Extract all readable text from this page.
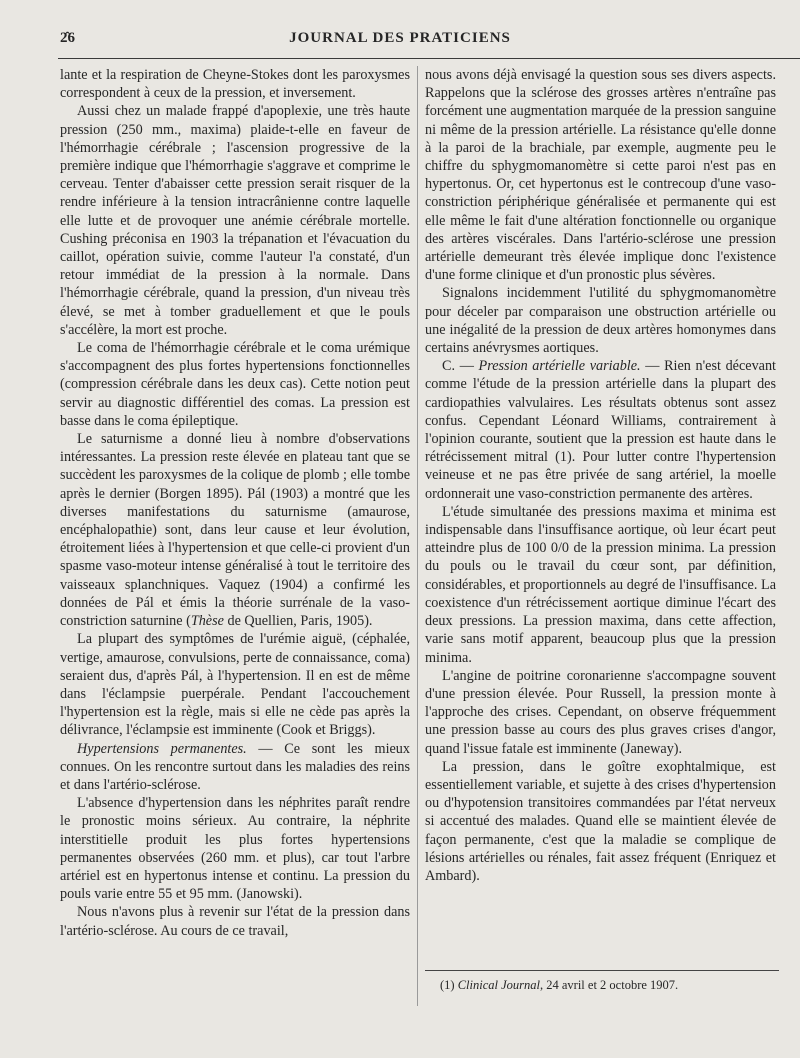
2̂6	JOURNAL DES PRATICIENS

lante et la respiration de Cheyne-Stokes dont les paroxysmes correspondent à ceux de la pression, et inversement.

Aussi chez un malade frappé d'apoplexie, une très haute pression (250 mm., maxima) plaide-t-elle en faveur de l'hémorrhagie cérébrale ; l'ascension progressive de la première indique que l'hémorrhagie s'aggrave et comprime le cerveau. Tenter d'abaisser cette pression serait risquer de la rendre inférieure à la tension intracrânienne contre laquelle elle lutte et de provoquer une anémie cérébrale mortelle. Cushing préconisa en 1903 la trépanation et l'évacuation du caillot, opération suivie, comme l'auteur l'a constaté, d'un retour immédiat de la pression à la normale. Dans l'hémorrhagie cérébrale, quand la pression, d'un niveau très élevé, se met à tomber graduellement et que le pouls s'accélère, la mort est proche.

Le coma de l'hémorrhagie cérébrale et le coma urémique s'accompagnent des plus fortes hypertensions fonctionnelles (compression cérébrale dans les deux cas). Cette notion peut servir au diagnostic différentiel des comas. La pression est basse dans le coma épileptique.

Le saturnisme a donné lieu à nombre d'observations intéressantes. La pression reste élevée en plateau tant que se succèdent les paroxysmes de la colique de plomb ; elle tombe après le dernier (Borgen 1895). Pál (1903) a montré que les diverses manifestations du saturnisme (amaurose, encéphalopathie) sont, dans leur cause et leur évolution, étroitement liées à l'hypertension et que celle-ci provient d'un spasme vaso-moteur intense généralisé à tout le territoire des vaisseaux splanchniques. Vaquez (1904) a confirmé les données de Pál et émis la théorie surrénale de la vaso-constriction saturnine (Thèse de Quellien, Paris, 1905).

La plupart des symptômes de l'urémie aiguë, (céphalée, vertige, amaurose, convulsions, perte de connaissance, coma) seraient dus, d'après Pál, à l'hypertension. Il en est de même dans l'éclampsie puerpérale. Pendant l'accouchement l'hypertension est la règle, mais si elle ne cède pas après la délivrance, l'éclampsie est imminente (Cook et Briggs).

Hypertensions permanentes. — Ce sont les mieux connues. On les rencontre surtout dans les maladies des reins et dans l'artério-sclérose.

L'absence d'hypertension dans les néphrites paraît rendre le pronostic moins sérieux. Au contraire, la néphrite interstitielle produit les plus fortes hypertensions permanentes observées (260 mm. et plus), car tout l'arbre artériel est en hypertonus intense et continu. La pression du pouls varie entre 55 et 95 mm. (Janowski).

Nous n'avons plus à revenir sur l'état de la pression dans l'artério-sclérose. Au cours de ce travail,

nous avons déjà envisagé la question sous ses divers aspects. Rappelons que la sclérose des grosses artères n'entraîne pas forcément une augmentation marquée de la pression sanguine ni même de la pression artérielle. La résistance qu'elle donne à la paroi de la brachiale, par exemple, augmente peu le chiffre du sphygmomanomètre si cette paroi n'est pas en hypertonus. Or, cet hypertonus est le contrecoup d'une vaso-constriction périphérique généralisée et permanente qui est elle même le fait d'une altération fonctionnelle ou organique des artères viscérales. Dans l'artério-sclérose une pression artérielle demeurant très élevée implique donc l'existence d'une forme clinique et d'un pronostic plus sévères.

Signalons incidemment l'utilité du sphygmomanomètre pour déceler par comparaison une obstruction artérielle ou une inégalité de la pression de deux artères homonymes dans certains anévrysmes aortiques.

C. — Pression artérielle variable. — Rien n'est décevant comme l'étude de la pression artérielle dans la plupart des cardiopathies valvulaires. Les résultats obtenus sont assez confus. Cependant Léonard Williams, contrairement à l'opinion courante, soutient que la pression est haute dans le rétrécissement mitral (1). Pour lutter contre l'hypertension veineuse et ne pas être privée de sang artériel, la moelle ordonnerait une vaso-constriction permanente des artères.

L'étude simultanée des pressions maxima et minima est indispensable dans l'insuffisance aortique, où leur écart peut atteindre plus de 100 0/0 de la pression minima. La pression du pouls ou le travail du cœur sont, par définition, considérables, et proportionnels au degré de l'insuffisance. La coexistence d'un rétrécissement aortique diminue l'écart des deux pressions. La pression maxima, dans cette affection, varie sans motif apparent, beaucoup plus que la pression minima.

L'angine de poitrine coronarienne s'accompagne souvent d'une pression élevée. Pour Russell, la pression monte à l'approche des crises. Cependant, on observe fréquemment une pression basse au cours des plus graves crises d'angor, quand l'issue fatale est imminente (Janeway).

La pression, dans le goître exophtalmique, est essentiellement variable, et sujette à des crises d'hypertension ou d'hypotension transitoires commandées par l'état nerveux si accentué des malades. Quand elle se maintient élevée de façon permanente, c'est que la maladie se complique de lésions artérielles ou rénales, fait assez fréquent (Enriquez et Ambard).

(1) Clinical Journal, 24 avril et 2 octobre 1907.
